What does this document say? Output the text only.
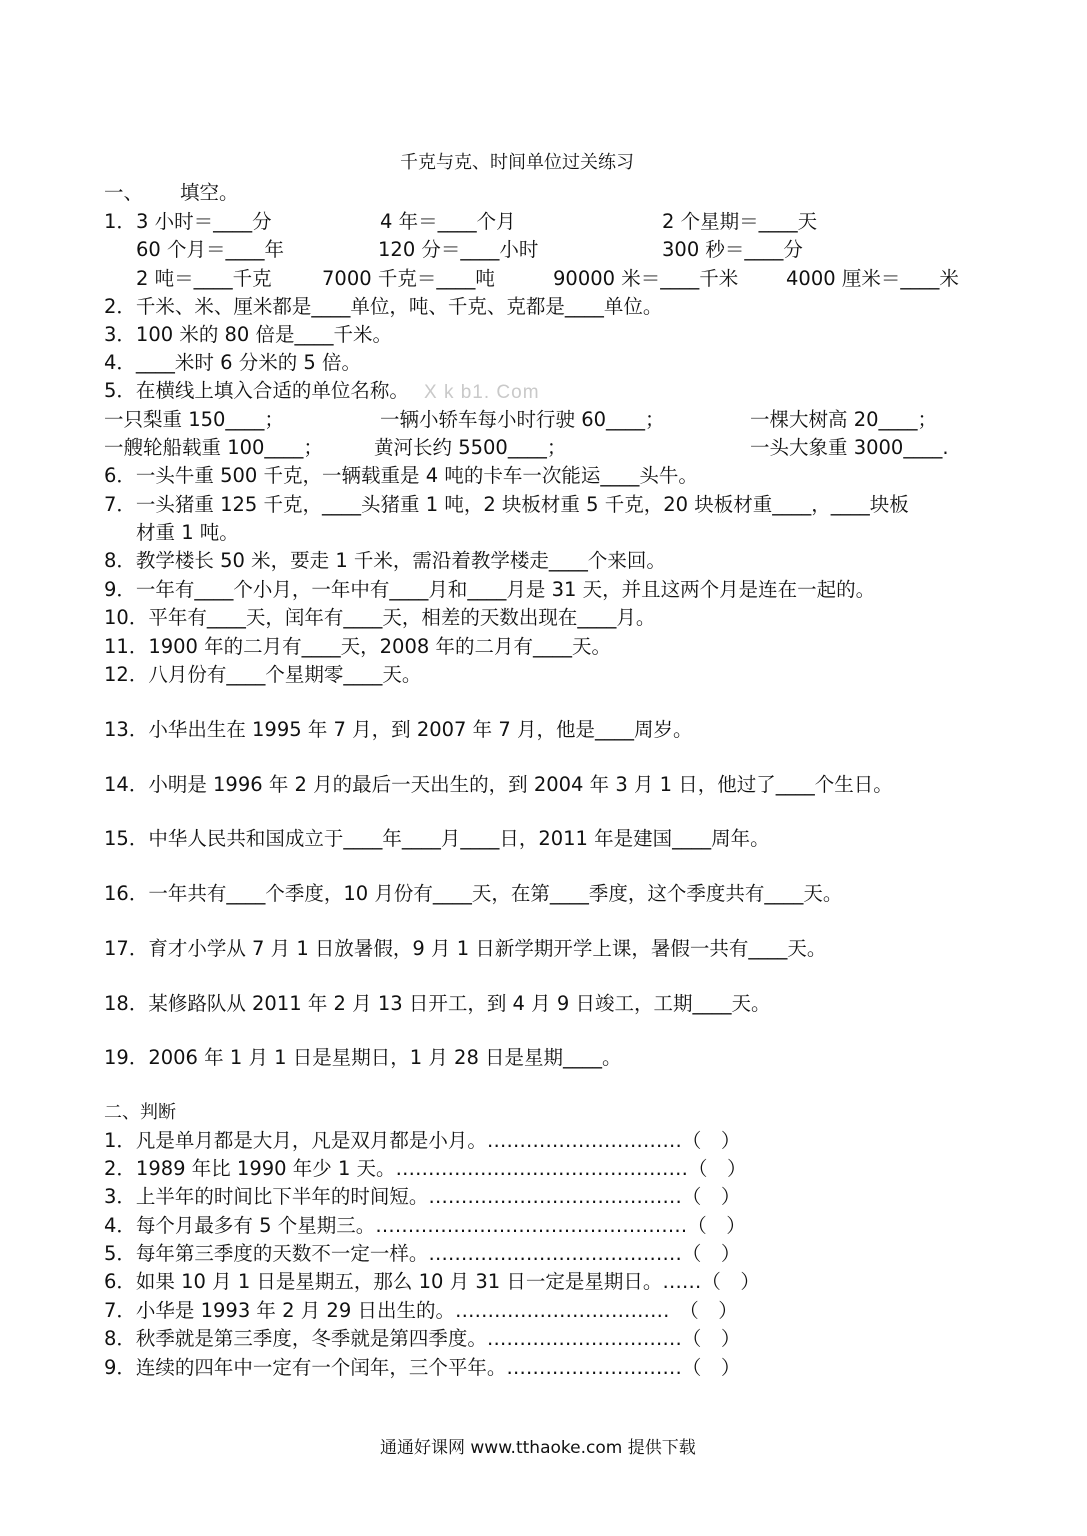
千克与克、时间单位过关练习
一、 填空。
1． 3 小时＝____分	4 年＝____个月	2 个星期＝____天
60 个月＝____年	120 分＝____小时	300 秒＝____分
2 吨＝____千克	7000 千克＝____吨	90000 米＝____千米 4000 厘米＝____米
2．千米、米、厘米都是____单位，吨、千克、克都是____单位。
3．100 米的 80 倍是____千米。
4．____米时 6 分米的 5 倍。
5．在横线上填入合适的单位名称。 X k b1. Com
一只梨重 150____；	一辆小轿车每小时行驶 60____；	一棵大树高 20____；
一艘轮船载重 100____；	黄河长约 5500____；	一头大象重 3000____.
6．一头牛重 500 千克，一辆载重是 4 吨的卡车一次能运____头牛。
7．一头猪重 125 千克，____头猪重 1 吨，2 块板材重 5 千克，20 块板材重____，____块板
材重 1 吨。
8．教学楼长 50 米，要走 1 千米，需沿着教学楼走____个来回。
9．一年有____个小月，一年中有____月和____月是 31 天，并且这两个月是连在一起的。
10．平年有____天，闰年有____天，相差的天数出现在____月。
11．1900 年的二月有____天，2008 年的二月有____天。
12．八月份有____个星期零____天。
13．小华出生在 1995 年 7 月，到 2007 年 7 月，他是____周岁。
14．小明是 1996 年 2 月的最后一天出生的，到 2004 年 3 月 1 日，他过了____个生日。
15．中华人民共和国成立于____年____月____日，2011 年是建国____周年。
16．一年共有____个季度，10 月份有____天，在第____季度，这个季度共有____天。
17．育才小学从 7 月 1 日放暑假，9 月 1 日新学期开学上课，暑假一共有____天。
18．某修路队从 2011 年 2 月 13 日开工，到 4 月 9 日竣工，工期____天。
19．2006 年 1 月 1 日是星期日，1 月 28 日是星期____。
二、判断
1．凡是单月都是大月，凡是双月都是小月。…………………………（　）
2．1989 年比 1990 年少 1 天。………………………………………（　）
3．上半年的时间比下半年的时间短。…………………………………（　）
4．每个月最多有 5 个星期三。…………………………………………（　）
5．每年第三季度的天数不一定一样。…………………………………（　）
6．如果 10 月 1 日是星期五，那么 10 月 31 日一定是星期日。……（　）
7．小华是 1993 年 2 月 29 日出生的。……………………………　（　）
8．秋季就是第三季度，冬季就是第四季度。…………………………（　）
9．连续的四年中一定有一个闰年，三个平年。………………………（　）
通通好课网 www.tthaoke.com 提供下载
